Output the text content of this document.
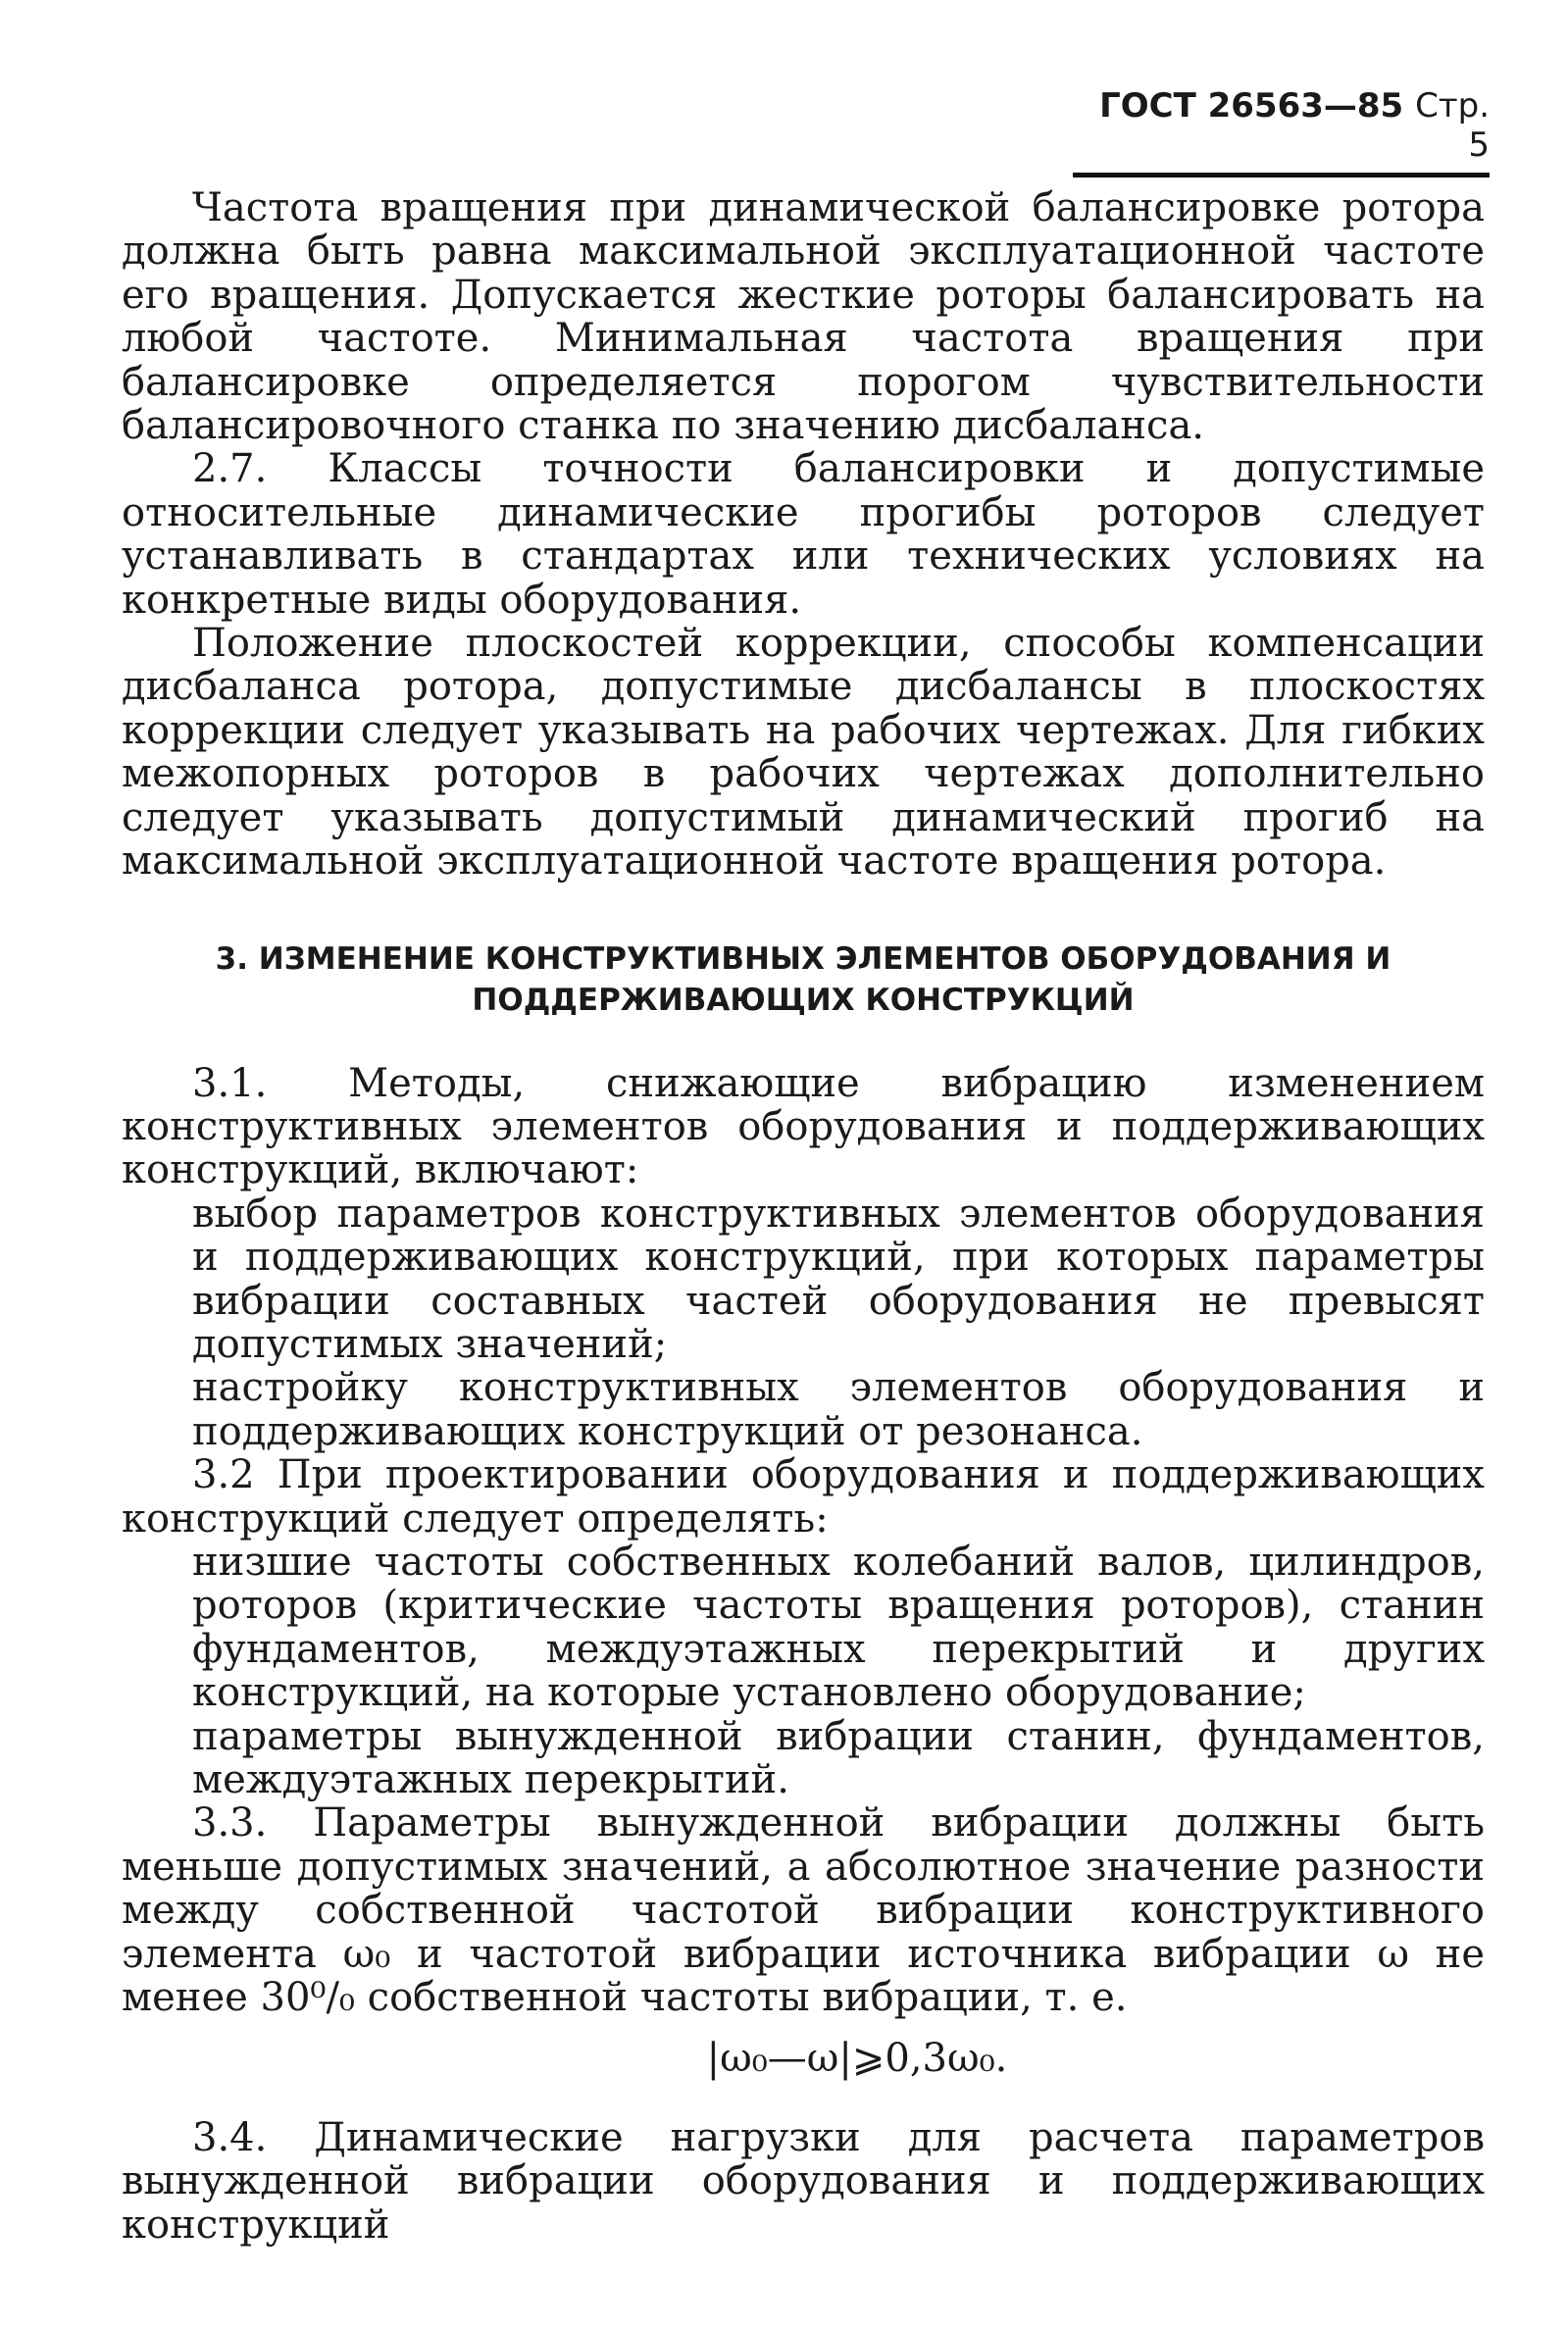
ГОСТ 26563—85 Стр. 5

Частота вращения при динамической балансировке ротора должна быть равна максимальной эксплуатационной частоте его вращения. Допускается жесткие роторы балансировать на любой частоте. Минимальная частота вращения при балансировке определяется порогом чувствительности балансировочного станка по значению дисбаланса.

2.7. Классы точности балансировки и допустимые относительные динамические прогибы роторов следует устанавливать в стандартах или технических условиях на конкретные виды оборудования.

Положение плоскостей коррекции, способы компенсации дисбаланса ротора, допустимые дисбалансы в плоскостях коррекции следует указывать на рабочих чертежах. Для гибких межопорных роторов в рабочих чертежах дополнительно следует указывать допустимый динамический прогиб на максимальной эксплуатационной частоте вращения ротора.

3. ИЗМЕНЕНИЕ КОНСТРУКТИВНЫХ ЭЛЕМЕНТОВ ОБОРУДОВАНИЯ И
ПОДДЕРЖИВАЮЩИХ КОНСТРУКЦИЙ

3.1. Методы, снижающие вибрацию изменением конструктивных элементов оборудования и поддерживающих конструкций, включают:

выбор параметров конструктивных элементов оборудования и поддерживающих конструкций, при которых параметры вибрации составных частей оборудования не превысят допустимых значений;

настройку конструктивных элементов оборудования и поддерживающих конструкций от резонанса.

3.2 При проектировании оборудования и поддерживающих конструкций следует определять:

низшие частоты собственных колебаний валов, цилиндров, роторов (критические частоты вращения роторов), станин фундаментов, междуэтажных перекрытий и других конструкций, на которые установлено оборудование;

параметры вынужденной вибрации станин, фундаментов, междуэтажных перекрытий.

3.3. Параметры вынужденной вибрации должны быть меньше допустимых значений, а абсолютное значение разности между собственной частотой вибрации конструктивного элемента ω₀ и частотой вибрации источника вибрации ω не менее 30⁰/₀ собственной частоты вибрации, т. е.

|ω₀—ω|⩾0,3ω₀.

3.4. Динамические нагрузки для расчета параметров вынужденной вибрации оборудования и поддерживающих конструкций
